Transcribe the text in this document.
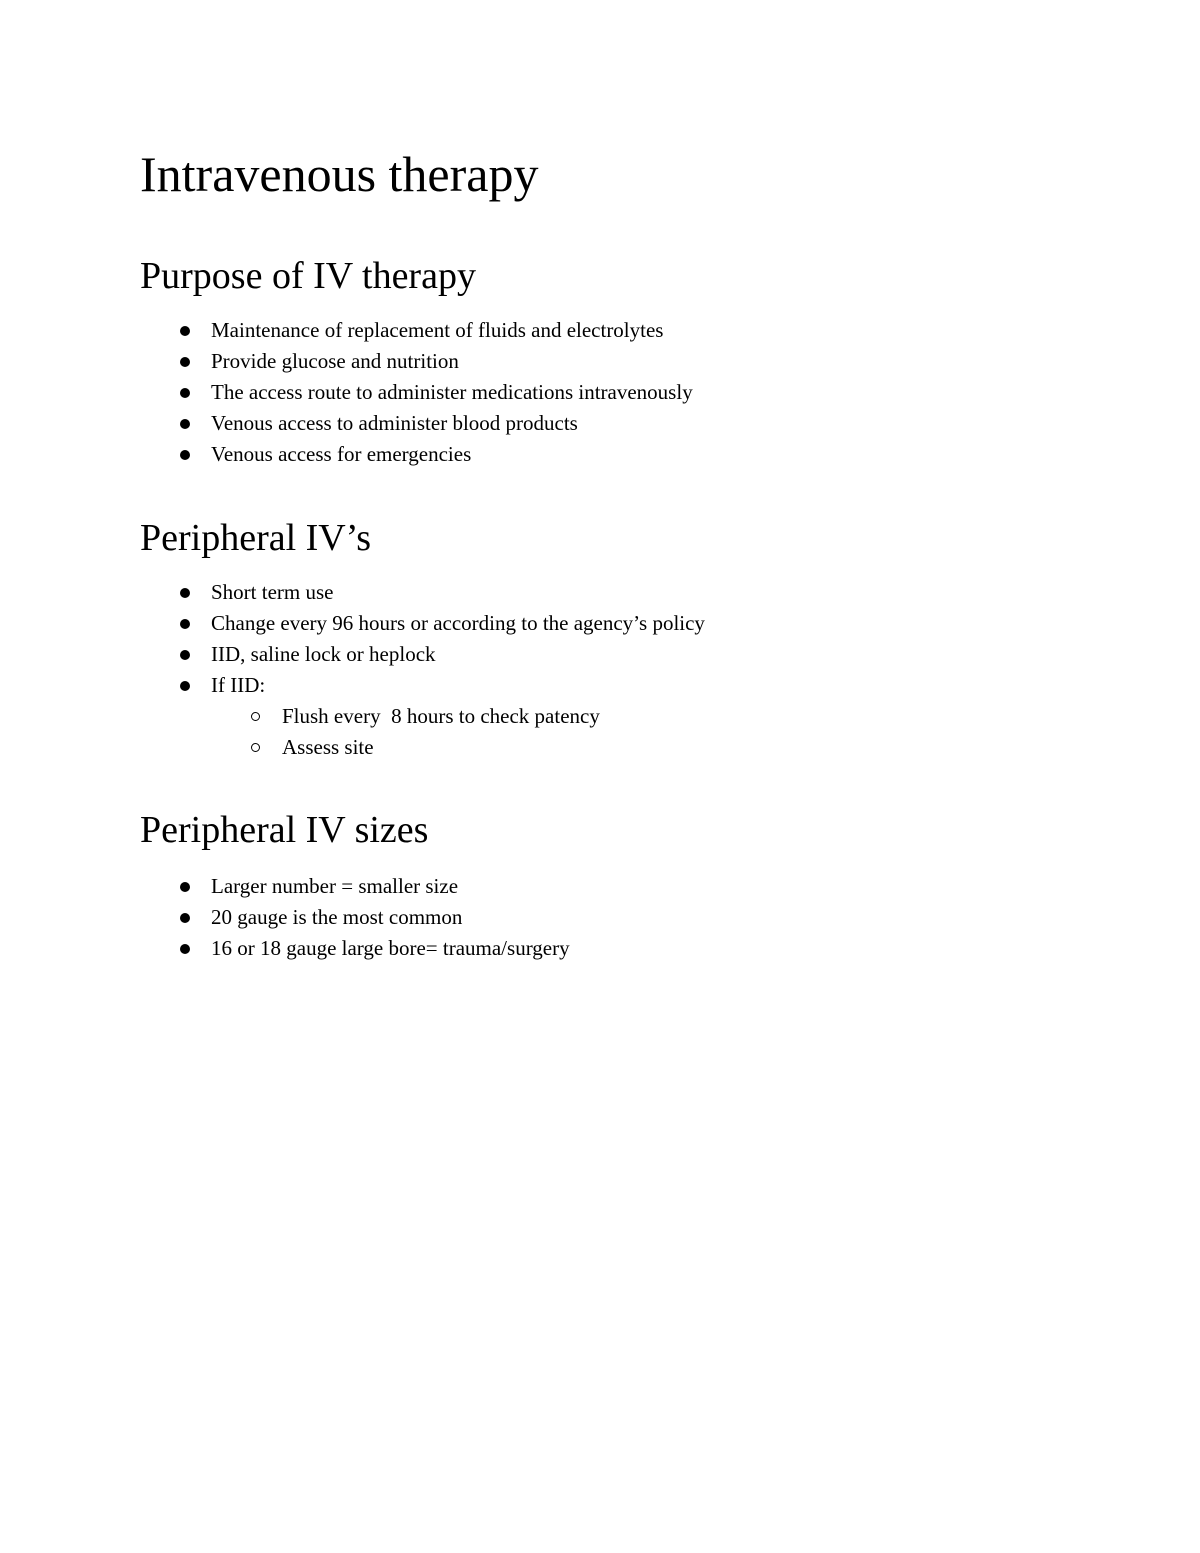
Intravenous therapy
Purpose of IV therapy
Maintenance of replacement of fluids and electrolytes
Provide glucose and nutrition
The access route to administer medications intravenously
Venous access to administer blood products
Venous access for emergencies
Peripheral IV’s
Short term use
Change every 96 hours or according to the agency’s policy
IID, saline lock or heplock
If IID:
Flush every  8 hours to check patency
Assess site
Peripheral IV sizes
Larger number = smaller size
20 gauge is the most common
16 or 18 gauge large bore= trauma/surgery
